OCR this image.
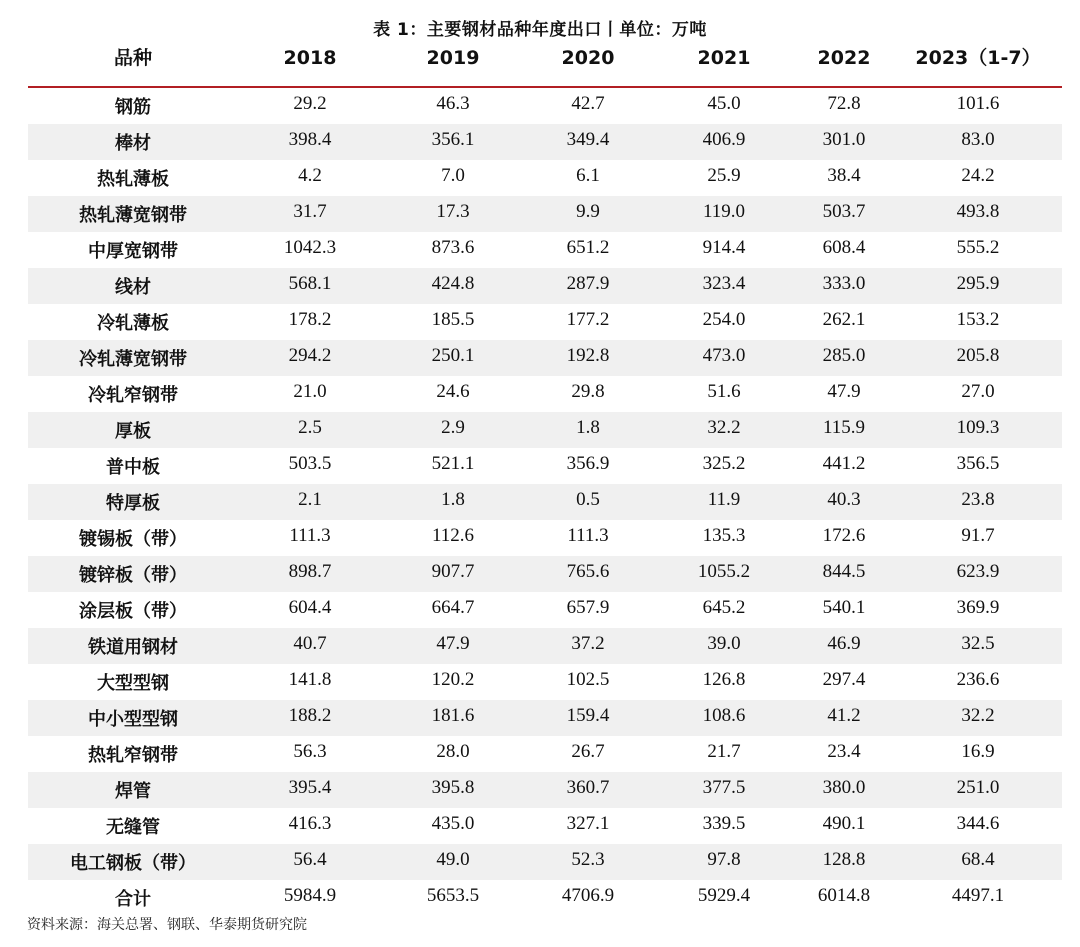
表 1：主要钢材品种年度出口丨单位：万吨
品种	2018	2019	2020	2021	2022	2023（1-7）
钢筋	29.2	46.3	42.7	45.0	72.8	101.6
棒材	398.4	356.1	349.4	406.9	301.0	83.0
热轧薄板	4.2	7.0	6.1	25.9	38.4	24.2
热轧薄宽钢带	31.7	17.3	9.9	119.0	503.7	493.8
中厚宽钢带	1042.3	873.6	651.2	914.4	608.4	555.2
线材	568.1	424.8	287.9	323.4	333.0	295.9
冷轧薄板	178.2	185.5	177.2	254.0	262.1	153.2
冷轧薄宽钢带	294.2	250.1	192.8	473.0	285.0	205.8
冷轧窄钢带	21.0	24.6	29.8	51.6	47.9	27.0
厚板	2.5	2.9	1.8	32.2	115.9	109.3
普中板	503.5	521.1	356.9	325.2	441.2	356.5
特厚板	2.1	1.8	0.5	11.9	40.3	23.8
镀锡板（带）	111.3	112.6	111.3	135.3	172.6	91.7
镀锌板（带）	898.7	907.7	765.6	1055.2	844.5	623.9
涂层板（带）	604.4	664.7	657.9	645.2	540.1	369.9
铁道用钢材	40.7	47.9	37.2	39.0	46.9	32.5
大型型钢	141.8	120.2	102.5	126.8	297.4	236.6
中小型型钢	188.2	181.6	159.4	108.6	41.2	32.2
热轧窄钢带	56.3	28.0	26.7	21.7	23.4	16.9
焊管	395.4	395.8	360.7	377.5	380.0	251.0
无缝管	416.3	435.0	327.1	339.5	490.1	344.6
电工钢板（带）	56.4	49.0	52.3	97.8	128.8	68.4
合计	5984.9	5653.5	4706.9	5929.4	6014.8	4497.1
资料来源：海关总署、钢联、华泰期货研究院
